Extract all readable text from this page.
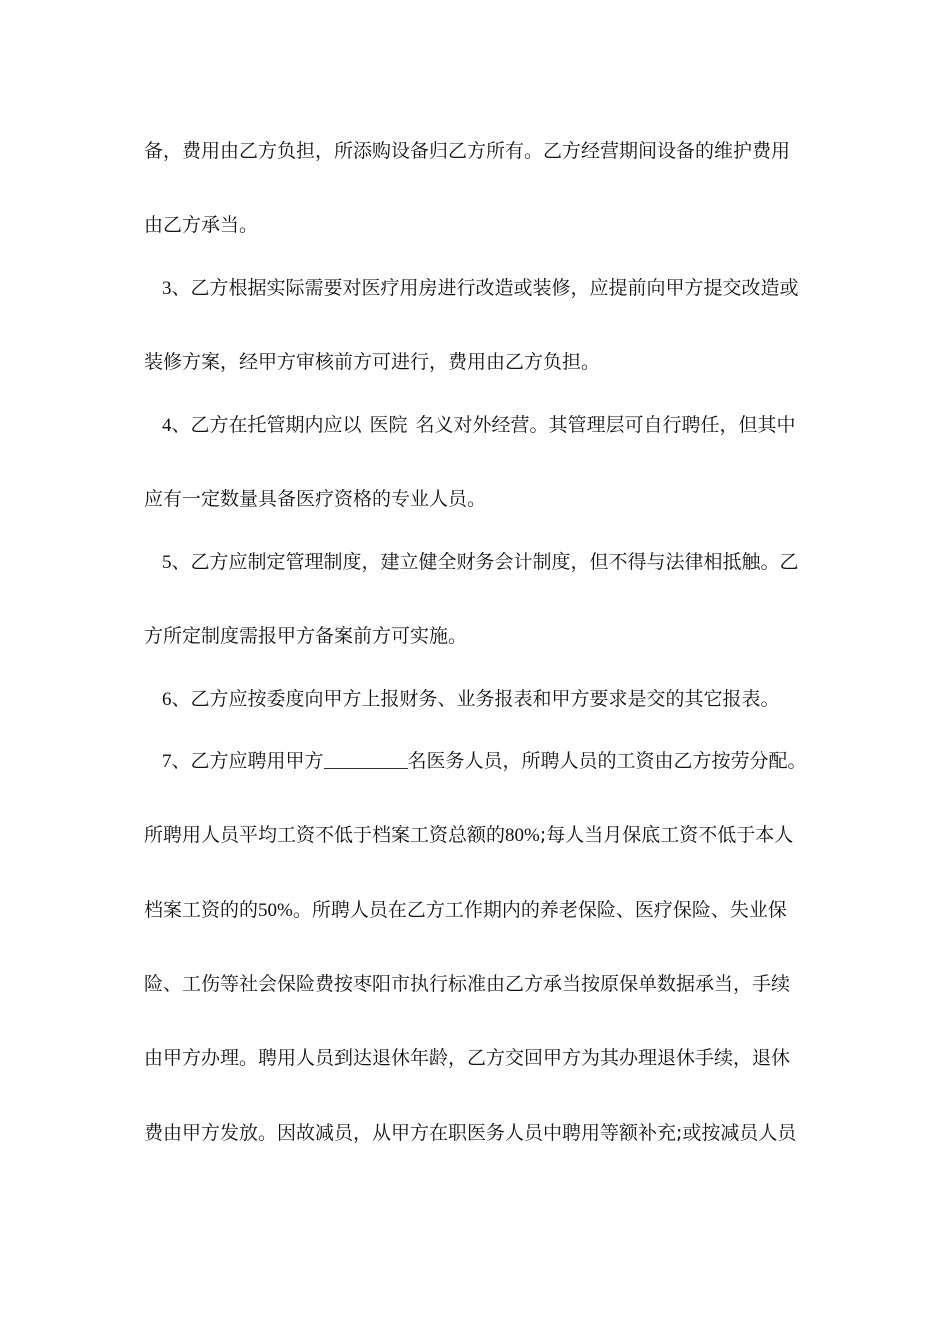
备，费用由乙方负担，所添购设备归乙方所有。乙方经营期间设备的维护费用
由乙方承当。
3、乙方根据实际需要对医疗用房进行改造或装修，应提前向甲方提交改造或
装修方案，经甲方审核前方可进行，费用由乙方负担。
4、乙方在托管期内应以 医院 名义对外经营。其管理层可自行聘任，但其中
应有一定数量具备医疗资格的专业人员。
5、乙方应制定管理制度，建立健全财务会计制度，但不得与法律相抵触。乙
方所定制度需报甲方备案前方可实施。
6、乙方应按委度向甲方上报财务、业务报表和甲方要求是交的其它报表。
7、乙方应聘用甲方	名医务人员，所聘人员的工资由乙方按劳分配。
所聘用人员平均工资不低于档案工资总额的80%;每人当月保底工资不低于本人
档案工资的的50%。所聘人员在乙方工作期内的养老保险、医疗保险、失业保
险、工伤等社会保险费按枣阳市执行标准由乙方承当按原保单数据承当，手续
由甲方办理。聘用人员到达退休年龄，乙方交回甲方为其办理退休手续，退休
费由甲方发放。因故减员，从甲方在职医务人员中聘用等额补充;或按减员人员
